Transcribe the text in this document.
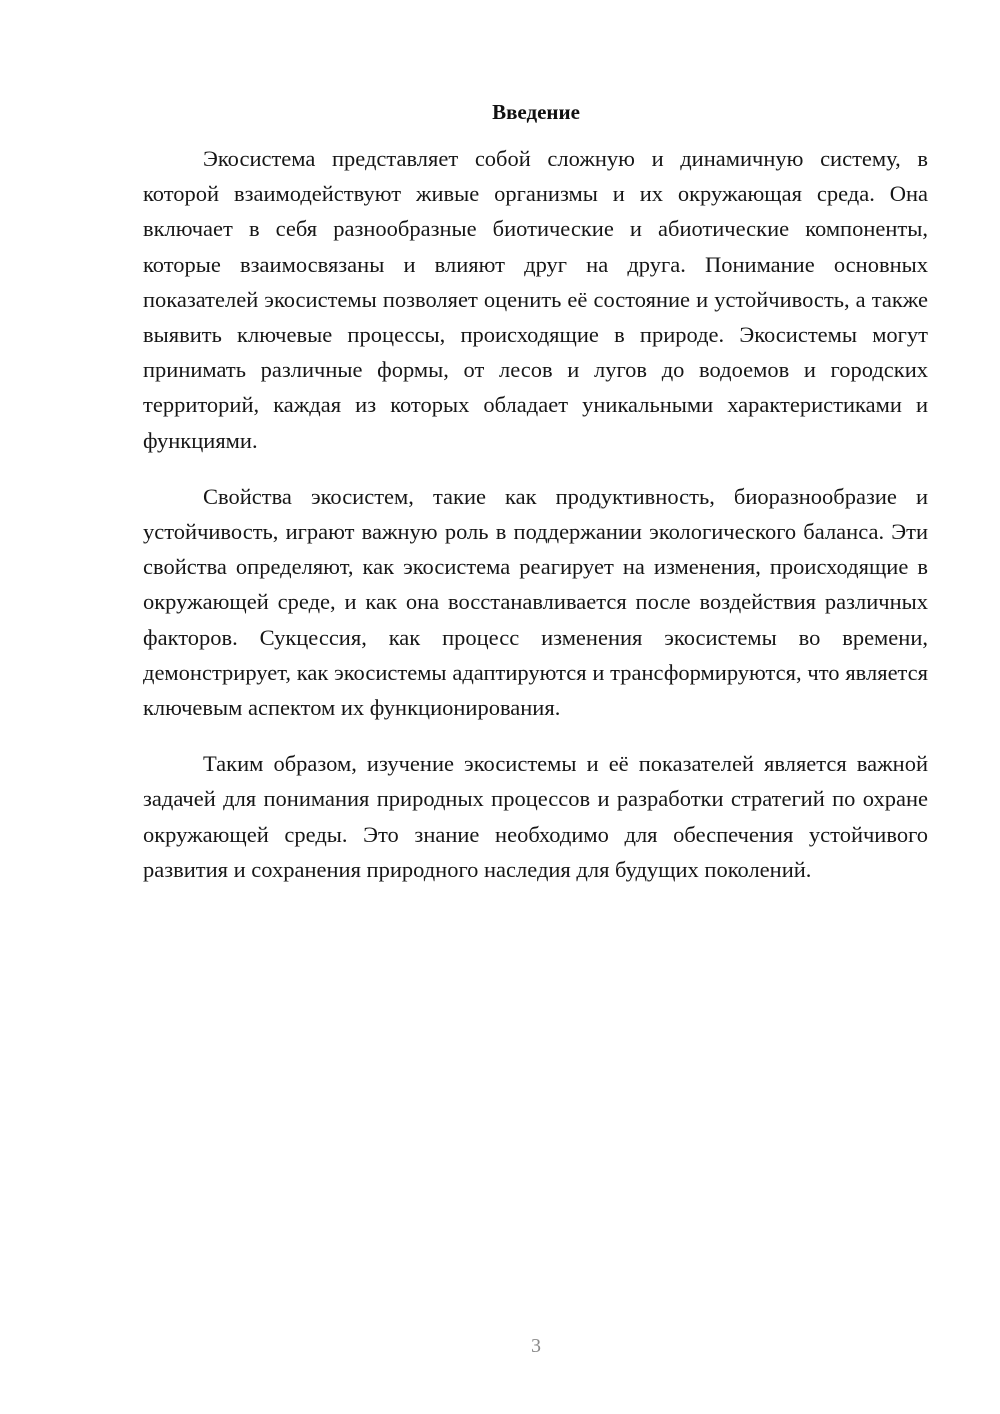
Введение

Экосистема представляет собой сложную и динамичную систему, в которой взаимодействуют живые организмы и их окружающая среда. Она включает в себя разнообразные биотические и абиотические компоненты, которые взаимосвязаны и влияют друг на друга. Понимание основных показателей экосистемы позволяет оценить её состояние и устойчивость, а также выявить ключевые процессы, происходящие в природе. Экосистемы могут принимать различные формы, от лесов и лугов до водоемов и городских территорий, каждая из которых обладает уникальными характеристиками и функциями.

Свойства экосистем, такие как продуктивность, биоразнообразие и устойчивость, играют важную роль в поддержании экологического баланса. Эти свойства определяют, как экосистема реагирует на изменения, происходящие в окружающей среде, и как она восстанавливается после воздействия различных факторов. Сукцессия, как процесс изменения экосистемы во времени, демонстрирует, как экосистемы адаптируются и трансформируются, что является ключевым аспектом их функционирования.

Таким образом, изучение экосистемы и её показателей является важной задачей для понимания природных процессов и разработки стратегий по охране окружающей среды. Это знание необходимо для обеспечения устойчивого развития и сохранения природного наследия для будущих поколений.

3
